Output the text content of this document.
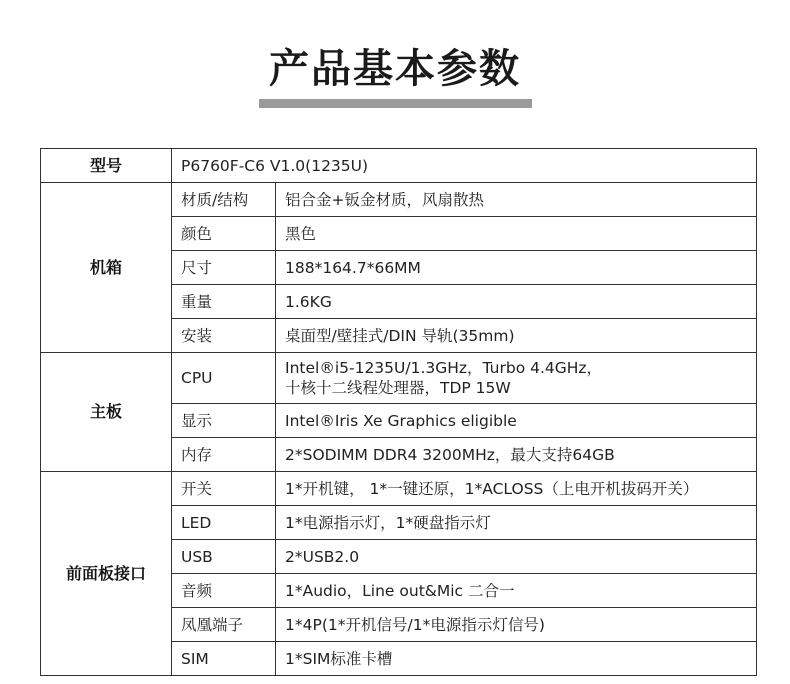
产品基本参数
型号	P6760F-C6 V1.0(1235U)	
机箱	材质/结构	铝合金+钣金材质，风扇散热
	颜色	黑色
	尺寸	188*164.7*66MM
	重量	1.6KG
	安装	桌面型/壁挂式/DIN 导轨(35mm)
主板	CPU	Intel®i5-1235U/1.3GHz，Turbo 4.4GHz，
十核十二线程处理器，TDP 15W

	显示	Intel®Iris Xe Graphics eligible
	内存	2*SODIMM DDR4 3200MHz，最大支持64GB
前面板接口	开关	1*开机键， 1*一键还原，1*ACLOSS（上电开机拔码开关）
	LED	1*电源指示灯，1*硬盘指示灯
	USB	2*USB2.0
	音频	1*Audio，Line out&Mic 二合一
	凤凰端子	1*4P(1*开机信号/1*电源指示灯信号)
	SIM	1*SIM标准卡槽
